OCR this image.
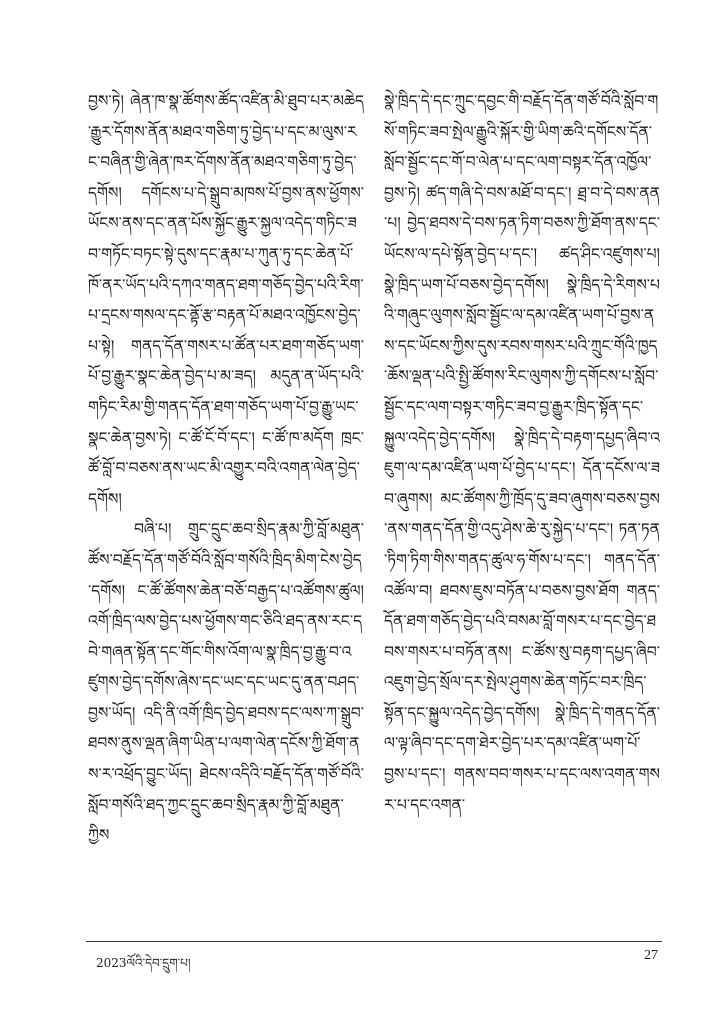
བྱས་ཏེ། ཞེན་ཁ་སྣ་ཚོགས་ཚོད་འཛིན་མི་ཐུབ་པར་མཆེད་རྒྱུར་དོགས་ནོན་མཐའ་གཅིག་ཏུ་བྱེད་པ་དང་མ་ལུས་རང་བཞིན་གྱི་ཞེན་ཁར་དོགས་ནོན་མཐའ་གཅིག་ཏུ་བྱེད་དགོས། དགོངས་པ་དེ་སྒྲུབ་མཁས་པོ་བྱས་ནས་ཕྱོགས་ཡོངས་ནས་དང་ནན་པོས་སྐྱོང་རྒྱུར་སྐྱལ་འདེད་གཏིང་ཟབ་གཏོང་བཏང་སྟེ་དུས་དང་རྣམ་པ་ཀུན་ཏུ་དང་ཆེན་པོ་ཁོ་ནར་ཡོད་པའི་དཀའ་གནད་ཐག་གཅོད་བྱེད་པའི་རིག་པ་དྲངས་གསལ་དང་ནྟོ་རྩ་བརྟན་པོ་མཐའ་འཁྱོངས་བྱེད་པ་སྟེ། གནད་དོན་གསར་པ་ཚོན་པར་ཐག་གཅོད་ཡག་པོ་བྱ་རྒྱུར་སྣང་ཆེན་བྱེད་པ་མ་ཟད། མདུན་ན་ཡོད་པའི་གཏིང་རིམ་གྱི་གནད་དོན་ཐག་གཅོད་ཡག་པོ་བྱ་རྒྱུ་ཡང་སྣང་ཆེན་བྱས་ཏེ། ང་ཚོ་ངོ་བོ་དང་། ང་ཚོ་ཁ་མདོག ཁྲང་ཚོ་བློ་བ་བཅས་ནས་ཡང་མི་འགྱུར་བའི་འགན་ལེན་བྱེད་དགོས།

བཞི་པ། གྲུང་དྲུང་ཆབ་སྲིད་རྣམ་ཀྱི་བློ་མཐུན་ཚོས་བརྗོད་དོན་གཙོ་བོའི་སློབ་གསོའི་ཁྲིད་མིག་ངེས་བྱེད་དགོས། ང་ཚོ་ཚོགས་ཆེན་བཅོ་བརྒྱད་པ་འཚོགས་ཚུལ། འགོ་ཁྲིད་ལས་བྱེད་པས་ཕྱོགས་གང་ཅིའི་ཐད་ནས་རང་དབེ་གཞན་སྟོན་དང་གོང་གིས་འོག་ལ་སྣ་ཁྲིད་བྱ་རྒྱུ་བ་འཛུགས་བྱེད་དགོས་ཞེས་དང་ཡང་དང་ཡང་དུ་ནན་བཤད་བྱས་ཡོད། འདི་ནི་འགོ་ཁྲིད་བྱེད་ཐབས་དང་ལས་ཀ་སྒྲུབ་ཐབས་ནུས་ལྡན་ཞིག་ཡིན་པ་ལག་ལེན་དངོས་ཀྱི་ཐོག་ནས་ར་འཕྲོད་བྱུང་ཡོད། ཐེངས་འདིའི་བརྗོད་དོན་གཙོ་བོའི་སློབ་གསོའི་ཐད་ཀྱང་དྲུང་ཆབ་སྲིད་རྣམ་ཀྱི་བློ་མཐུན་ཀྱིས

སྣེ་ཁྲིད་དེ་དང་ཀྲུང་དབྱང་གི་བརྗོད་དོན་གཙོ་བོའི་སློབ་གསོ་གཏིང་ཟབ་སྤེལ་རྒྱུའི་སྐོར་གྱི་ཡིག་ཆའི་དགོངས་དོན་སློབ་སྦྱོང་དང་གོ་བ་ལེན་པ་དང་ལག་བསྟར་དོན་འཁྱོལ་བྱས་ཏེ། ཚད་གཞི་དེ་བས་མཐོ་བ་དང་། ཐྲ་བ་དེ་བས་ནན་པ། བྱེད་ཐབས་དེ་བས་ཏན་ཏིག་བཅས་ཀྱི་ཐོག་ནས་དང་ཡོངས་ལ་དཔེ་སྟོན་བྱེད་པ་དང་། ཚད་ཤིང་འཛུགས་པ། སྣེ་ཁྲིད་ཡག་པོ་བཅས་བྱེད་དགོས། སྣེ་ཁྲིད་དེ་རིགས་པའི་གཞུང་ལུགས་སློབ་སྦྱོང་ལ་དམ་འཛིན་ཡག་པོ་བྱས་ནས་དང་ཡོངས་ཀྱིས་དུས་རབས་གསར་པའི་ཀྲུང་གོའི་ཁྱད་ཆོས་ལྡན་པའི་སྤྱི་ཚོགས་རིང་ལུགས་ཀྱི་དགོངས་པ་སློབ་སྦྱོང་དང་ལག་བསྟར་གཏིང་ཟབ་བྱ་རྒྱུར་ཁྲིད་སྟོན་དང་སྐྱུལ་འདེད་བྱེད་དགོས། སྣེ་ཁྲིད་དེ་བརྟག་དཔྱད་ཞིབ་འཇུག་ལ་དམ་འཛིན་ཡག་པོ་བྱེད་པ་དང་། དོན་དངོས་ལ་ཟབ་ཞུགས། མང་ཚོགས་ཀྱི་ཁྲོད་དུ་ཟབ་ཞུགས་བཅས་བྱས་ནས་གནད་དོན་གྱི་འདུ་ཤེས་ཆེ་རུ་སྐྱེད་པ་དང་། ཏན་ཏན་ཏིག་ཏིག་གིས་གནད་ཚུལ་ཧ་གོས་པ་དང་། གནད་དོན་འཚོལ་བ། ཐབས་ཇུས་བཏོན་པ་བཅས་བྱས་ཐོག གནད་དོན་ཐག་གཅོད་བྱེད་པའི་བསམ་བློ་གསར་པ་དང་བྱེད་ཐབས་གསར་པ་བཏོན་ནས། ང་ཚོས་སུ་བརྟག་དཔྱད་ཞིབ་འཇུག་བྱེད་སྲོལ་དར་སྤེལ་ཤུགས་ཆེན་གཏོང་བར་ཁྲིད་སྟོན་དང་སྐྱུལ་འདེད་བྱེད་དགོས། སྣེ་ཁྲིད་དེ་གནད་དོན་ལ་ལྟ་ཞིབ་དང་དག་ཐེར་བྱེད་པར་དམ་འཛིན་ཡག་པོ་བྱས་པ་དང་། གནས་བབ་གསར་པ་དང་ལས་འགན་གསར་པ་དང་འགན་

2023ལོའི་དེབ་དྲུག་པ།	27
